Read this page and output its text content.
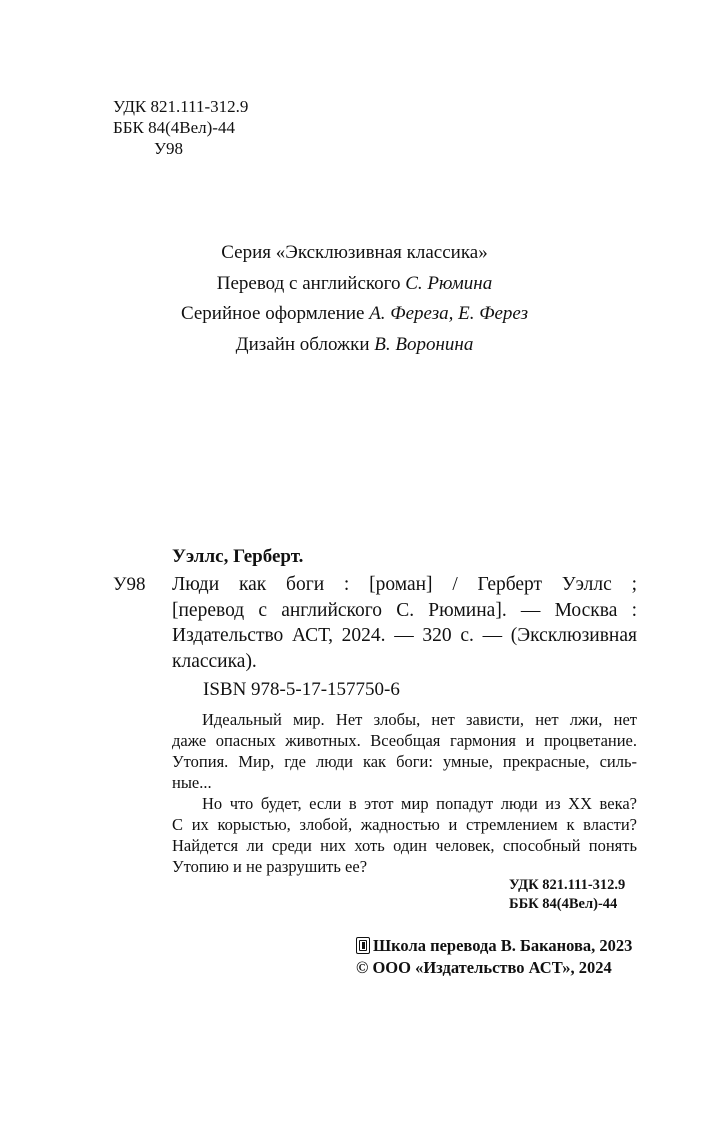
УДК 821.111-312.9
ББК 84(4Вел)-44
У98
Серия «Эксклюзивная классика»
Перевод с английского С. Рюмина
Серийное оформление А. Фереза, Е. Ферез
Дизайн обложки В. Воронина
Уэллс, Герберт.
У98 Люди как боги : [роман] / Герберт Уэллс ;
[перевод с английского С. Рюмина]. — Москва :
Издательство АСТ, 2024. — 320 с. — (Эксклюзивная
классика).
ISBN 978-5-17-157750-6
Идеальный мир. Нет злобы, нет зависти, нет лжи, нет
даже опасных животных. Всеобщая гармония и процветание.
Утопия. Мир, где люди как боги: умные, прекрасные, силь-
ные...
Но что будет, если в этот мир попадут люди из XX века?
С их корыстью, злобой, жадностью и стремлением к власти?
Найдется ли среди них хоть один человек, способный понять
Утопию и не разрушить ее?
УДК 821.111-312.9
ББК 84(4Вел)-44
Школа перевода В. Баканова, 2023
© ООО «Издательство АСТ», 2024
